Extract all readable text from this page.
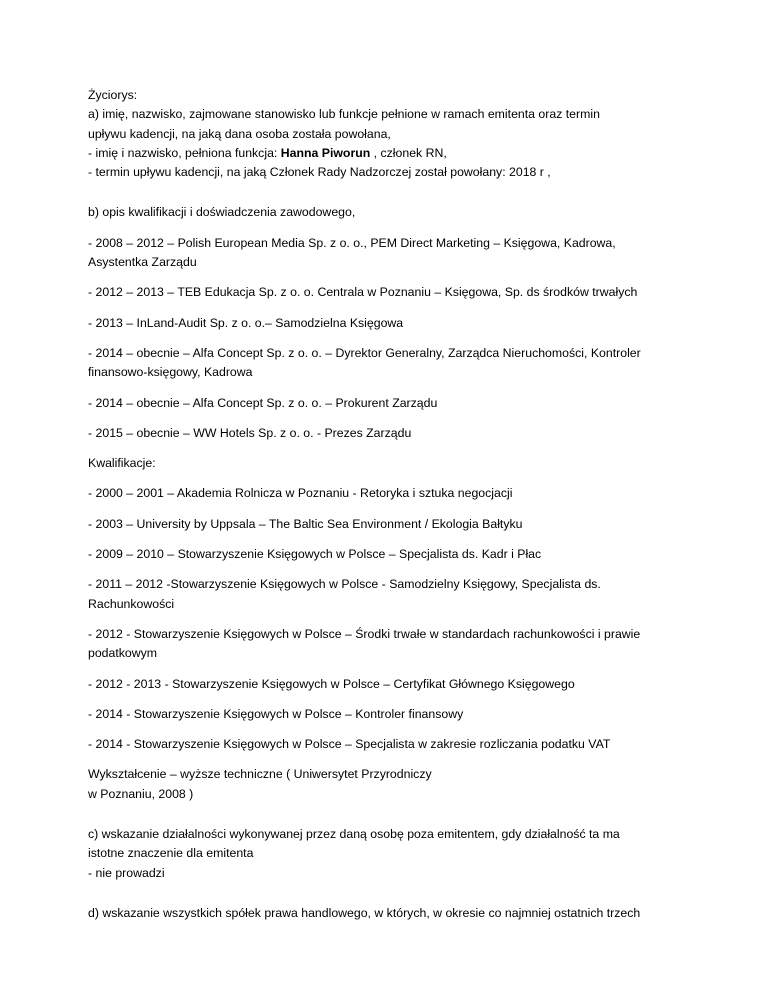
Życiorys:
a) imię, nazwisko, zajmowane stanowisko lub funkcje pełnione w ramach emitenta oraz termin
upływu kadencji, na jaką dana osoba została powołana,
- imię i nazwisko, pełniona funkcja: Hanna Piworun , członek RN,
- termin upływu kadencji, na jaką Członek Rady Nadzorczej został powołany: 2018 r ,
b) opis kwalifikacji i doświadczenia zawodowego,
- 2008 – 2012 – Polish European Media Sp. z o. o., PEM Direct Marketing – Księgowa, Kadrowa,
Asystentka Zarządu
- 2012 – 2013 – TEB Edukacja Sp. z o. o. Centrala w Poznaniu – Księgowa, Sp. ds środków trwałych
- 2013 – InLand-Audit Sp. z o. o.– Samodzielna Księgowa
- 2014 – obecnie – Alfa Concept Sp. z o. o. – Dyrektor Generalny, Zarządca Nieruchomości, Kontroler
finansowo-księgowy, Kadrowa
- 2014 – obecnie – Alfa Concept Sp. z o. o. – Prokurent Zarządu
- 2015 – obecnie – WW Hotels Sp. z o. o. - Prezes Zarządu
Kwalifikacje:
- 2000 – 2001 – Akademia Rolnicza w Poznaniu - Retoryka i sztuka negocjacji
- 2003 – University by Uppsala – The Baltic Sea Environment / Ekologia Bałtyku
- 2009 – 2010 – Stowarzyszenie Księgowych w Polsce – Specjalista ds. Kadr i Płac
- 2011 – 2012 -Stowarzyszenie Księgowych w Polsce - Samodzielny Księgowy, Specjalista ds.
Rachunkowości
- 2012 - Stowarzyszenie Księgowych w Polsce – Środki trwałe w standardach rachunkowości i prawie
podatkowym
- 2012 - 2013 - Stowarzyszenie Księgowych w Polsce – Certyfikat Głównego Księgowego
- 2014 - Stowarzyszenie Księgowych w Polsce – Kontroler finansowy
- 2014 - Stowarzyszenie Księgowych w Polsce – Specjalista w zakresie rozliczania podatku VAT
Wykształcenie – wyższe techniczne ( Uniwersytet Przyrodniczy
w Poznaniu, 2008 )
c) wskazanie działalności wykonywanej przez daną osobę poza emitentem, gdy działalność ta ma
istotne znaczenie dla emitenta
- nie prowadzi
d) wskazanie wszystkich spółek prawa handlowego, w których, w okresie co najmniej ostatnich trzech
